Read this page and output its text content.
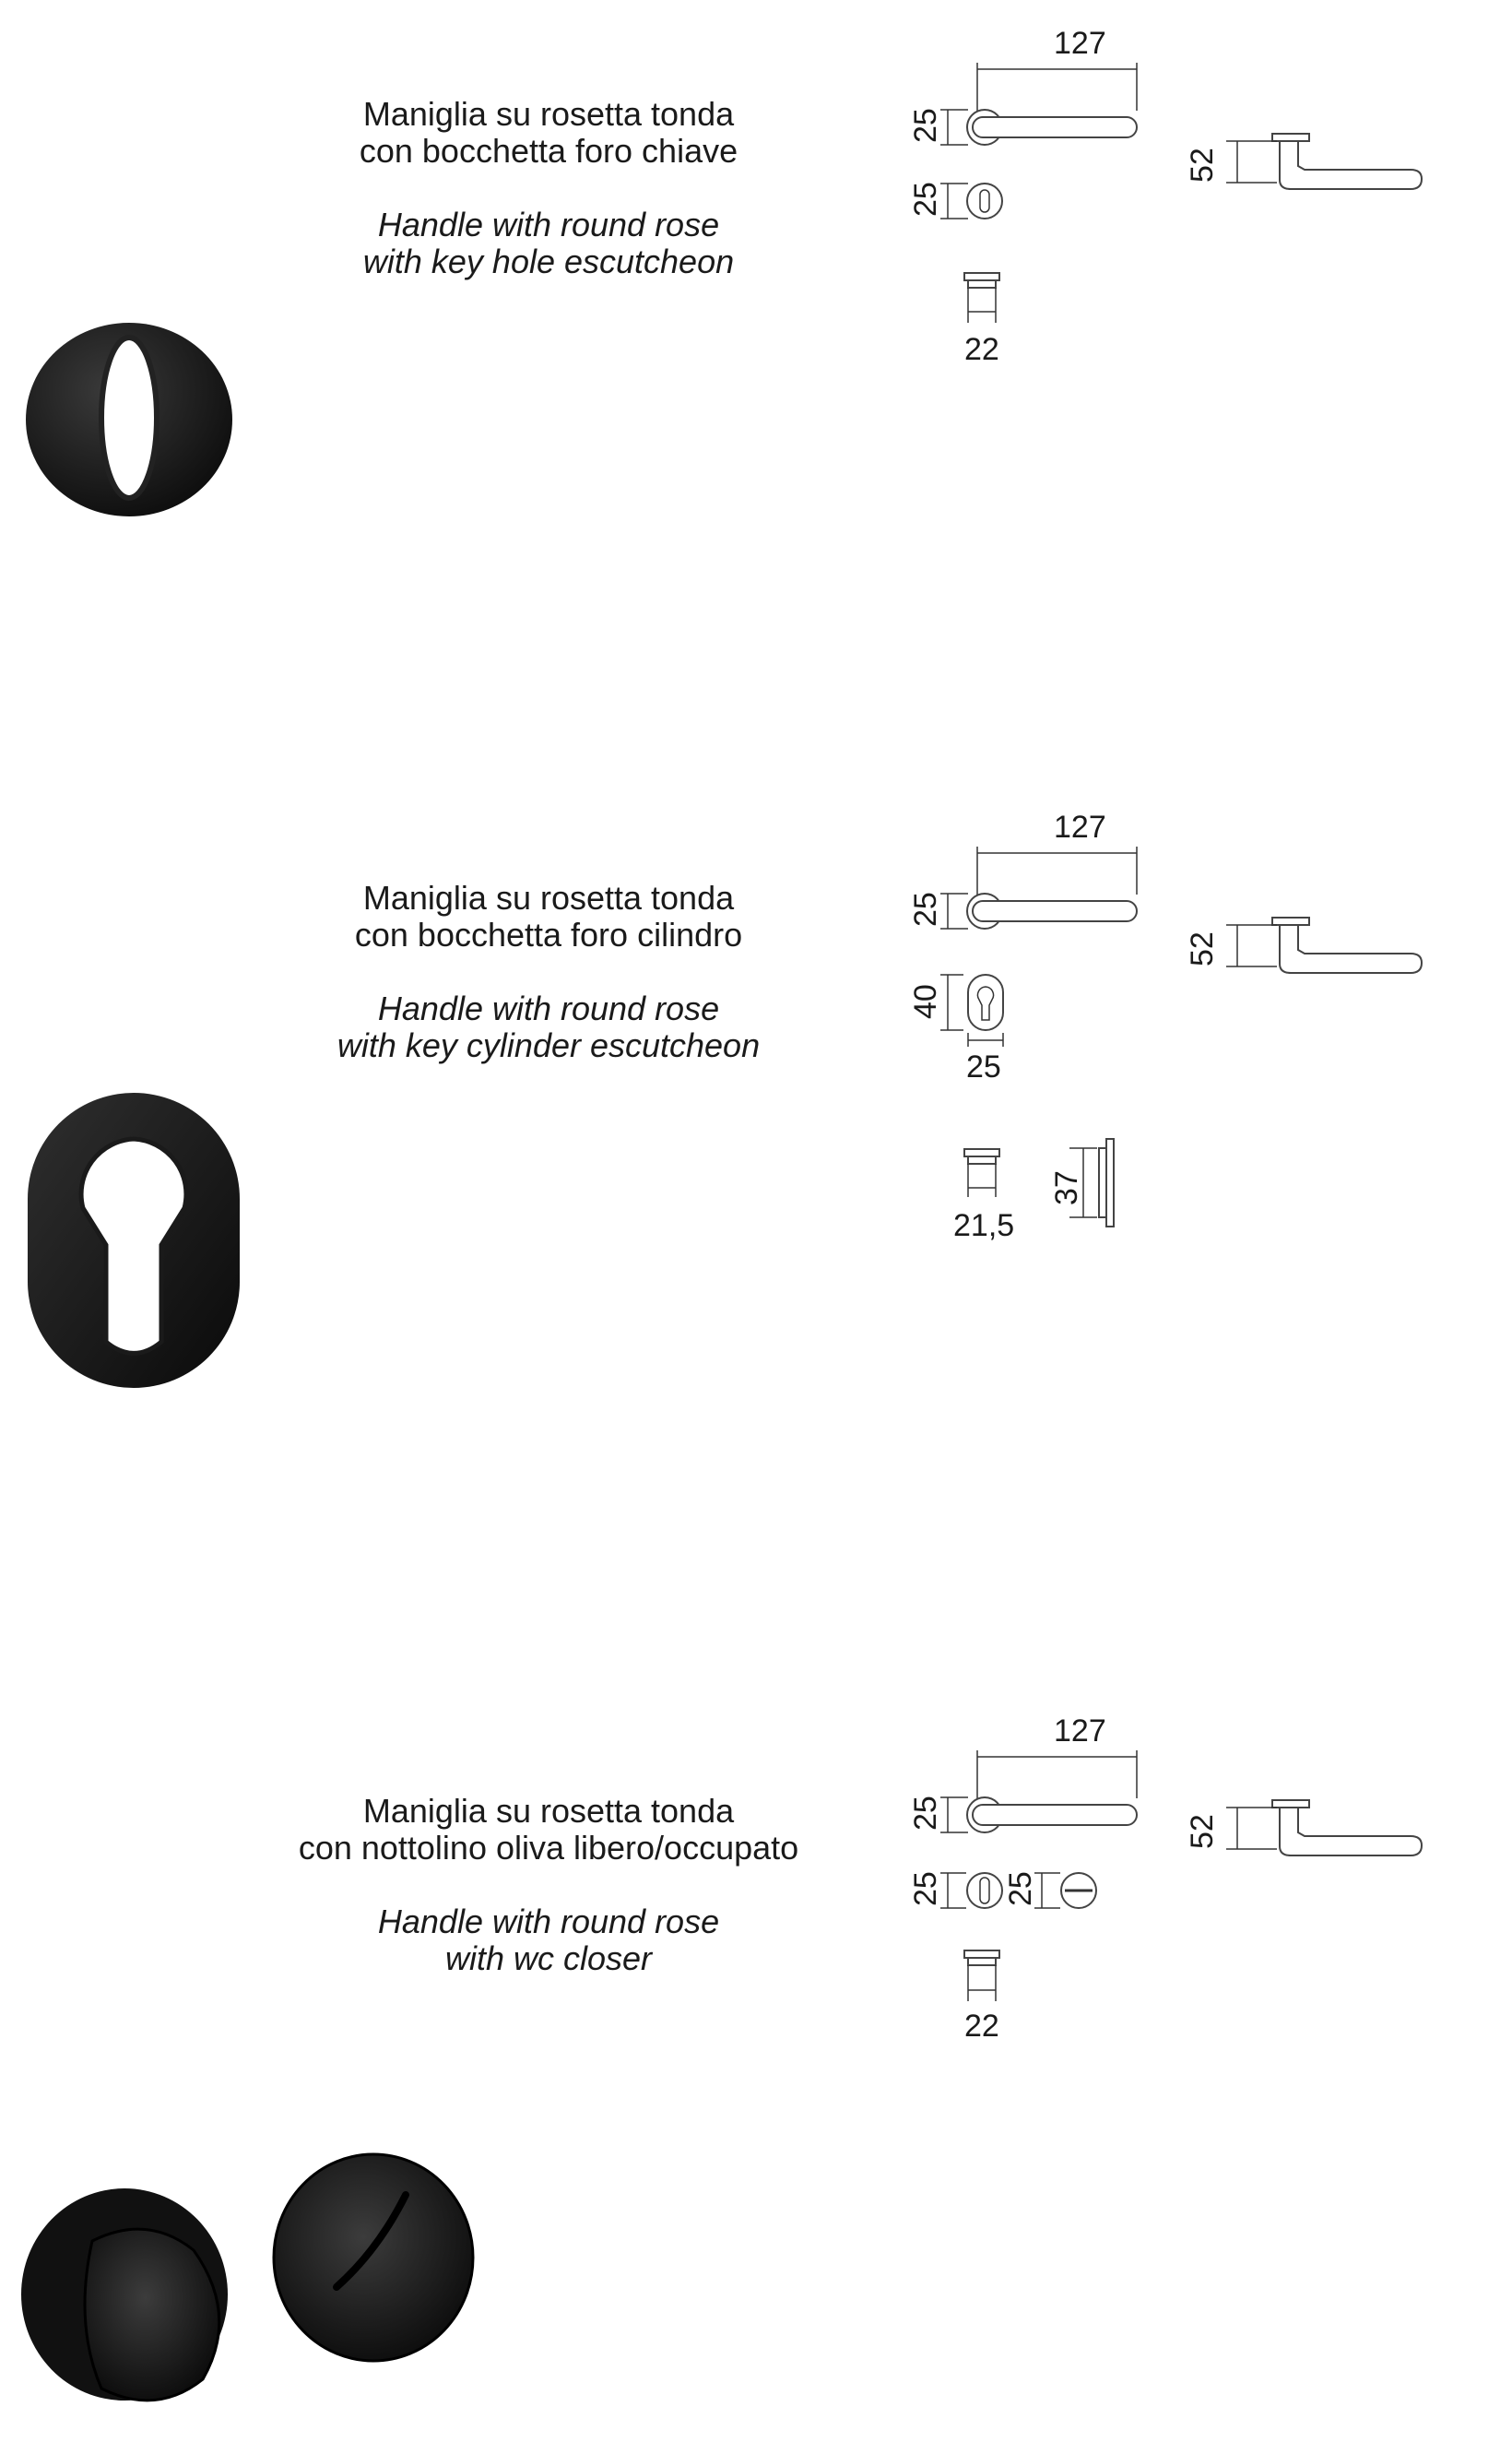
Maniglia su rosetta tonda
con bocchetta foro chiave
Handle with round rose
with key hole escutcheon
127
25
25
22
52
Maniglia su rosetta tonda
con bocchetta foro cilindro
Handle with round rose
with key cylinder escutcheon
127
25
40
25
21,5
37
52
Maniglia su rosetta tonda
con nottolino oliva libero/occupato
Handle with round rose
with wc closer
127
25
25 25
22
52
